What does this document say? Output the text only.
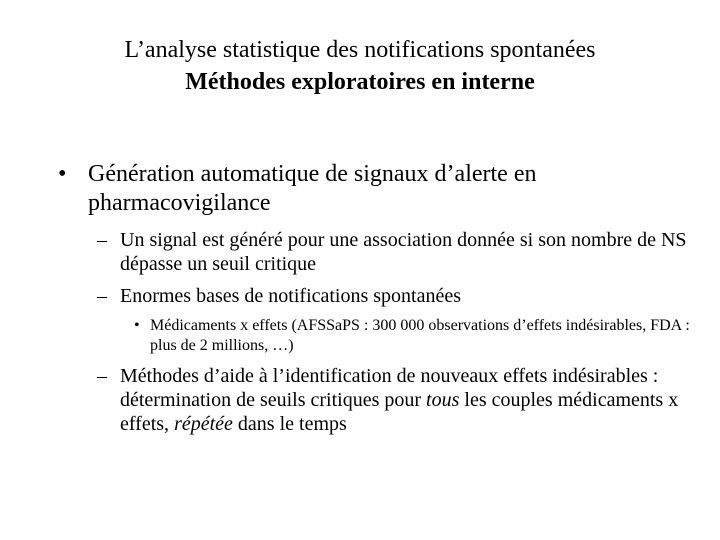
L’analyse statistique des notifications spontanées
Méthodes exploratoires en interne
• Génération automatique de signaux d’alerte en pharmacovigilance
– Un signal est généré pour une association donnée si son nombre de NS dépasse un seuil critique
– Enormes bases de notifications spontanées
• Médicaments x effets (AFSSaPS : 300 000 observations d’effets indésirables, FDA : plus de 2 millions, …)
– Méthodes d’aide à l’identification de nouveaux effets indésirables : détermination de seuils critiques pour tous les couples médicaments x effets, répétée dans le temps
